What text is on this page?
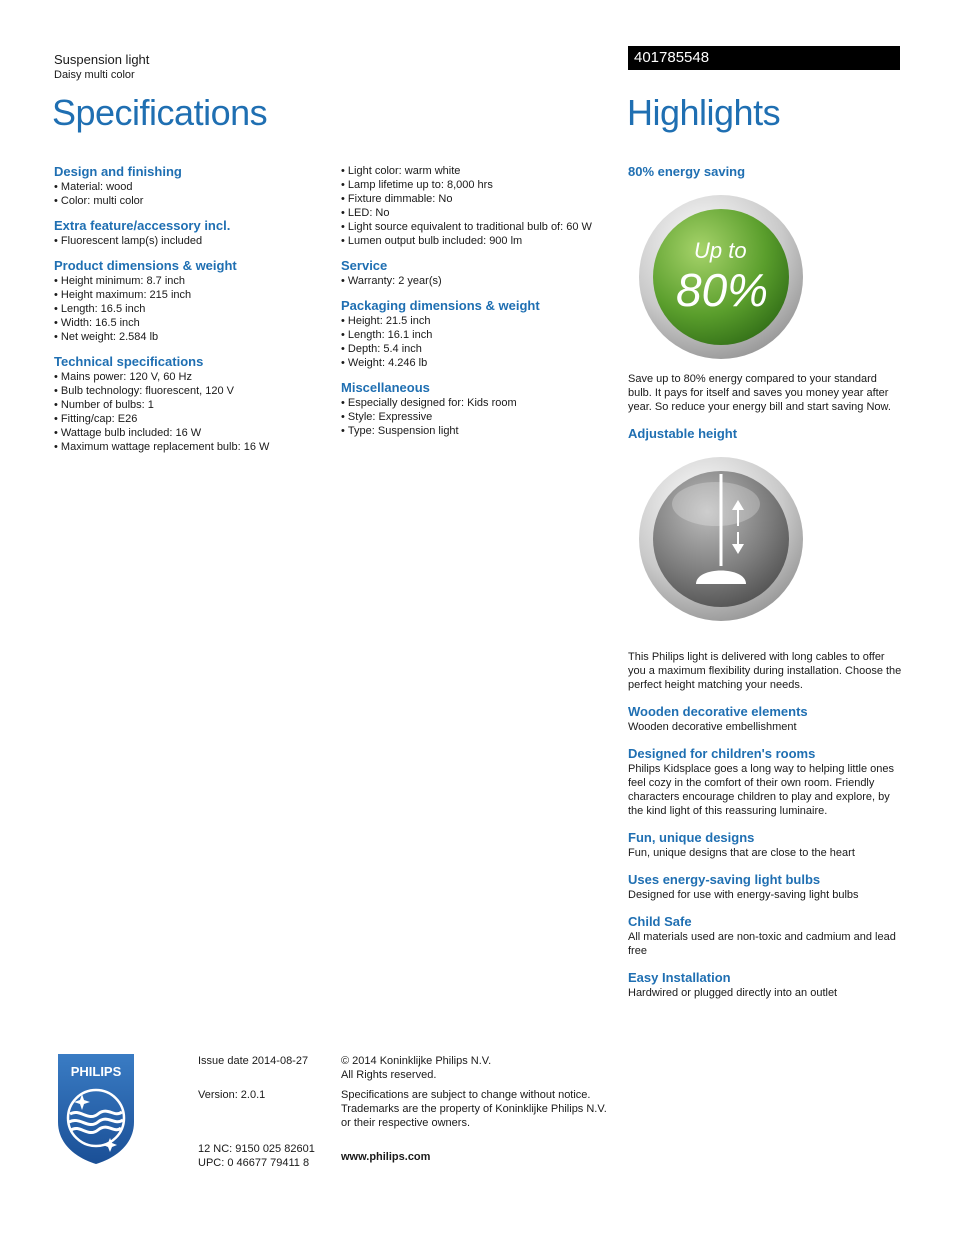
Suspension light
Daisy multi color
401785548
Specifications	Highlights
Design and finishing
• Material: wood
• Color: multi color
Extra feature/accessory incl.
• Fluorescent lamp(s) included
Product dimensions & weight
• Height minimum: 8.7 inch
• Height maximum: 215 inch
• Length: 16.5 inch
• Width: 16.5 inch
• Net weight: 2.584 lb
Technical specifications
• Mains power: 120 V, 60 Hz
• Bulb technology: fluorescent, 120 V
• Number of bulbs: 1
• Fitting/cap: E26
• Wattage bulb included: 16 W
• Maximum wattage replacement bulb: 16 W
• Light color: warm white
• Lamp lifetime up to: 8,000 hrs
• Fixture dimmable: No
• LED: No
• Light source equivalent to traditional bulb of: 60 W
• Lumen output bulb included: 900 lm
Service
• Warranty: 2 year(s)
Packaging dimensions & weight
• Height: 21.5 inch
• Length: 16.1 inch
• Depth: 5.4 inch
• Weight: 4.246 lb
Miscellaneous
• Especially designed for: Kids room
• Style: Expressive
• Type: Suspension light
80% energy saving
Up to
80%
Save up to 80% energy compared to your standard bulb. It pays for itself and saves you money year after year. So reduce your energy bill and start saving Now.
Adjustable height
This Philips light is delivered with long cables to offer you a maximum flexibility during installation. Choose the perfect height matching your needs.
Wooden decorative elements
Wooden decorative embellishment
Designed for children's rooms
Philips Kidsplace goes a long way to helping little ones feel cozy in the comfort of their own room. Friendly characters encourage children to play and explore, by the kind light of this reassuring luminaire.
Fun, unique designs
Fun, unique designs that are close to the heart
Uses energy-saving light bulbs
Designed for use with energy-saving light bulbs
Child Safe
All materials used are non-toxic and cadmium and lead free
Easy Installation
Hardwired or plugged directly into an outlet
PHILIPS
Issue date 2014-08-27
Version: 2.0.1
12 NC: 9150 025 82601
UPC: 0 46677 79411 8
© 2014 Koninklijke Philips N.V.
All Rights reserved.
Specifications are subject to change without notice.
Trademarks are the property of Koninklijke Philips N.V.
or their respective owners.
www.philips.com
